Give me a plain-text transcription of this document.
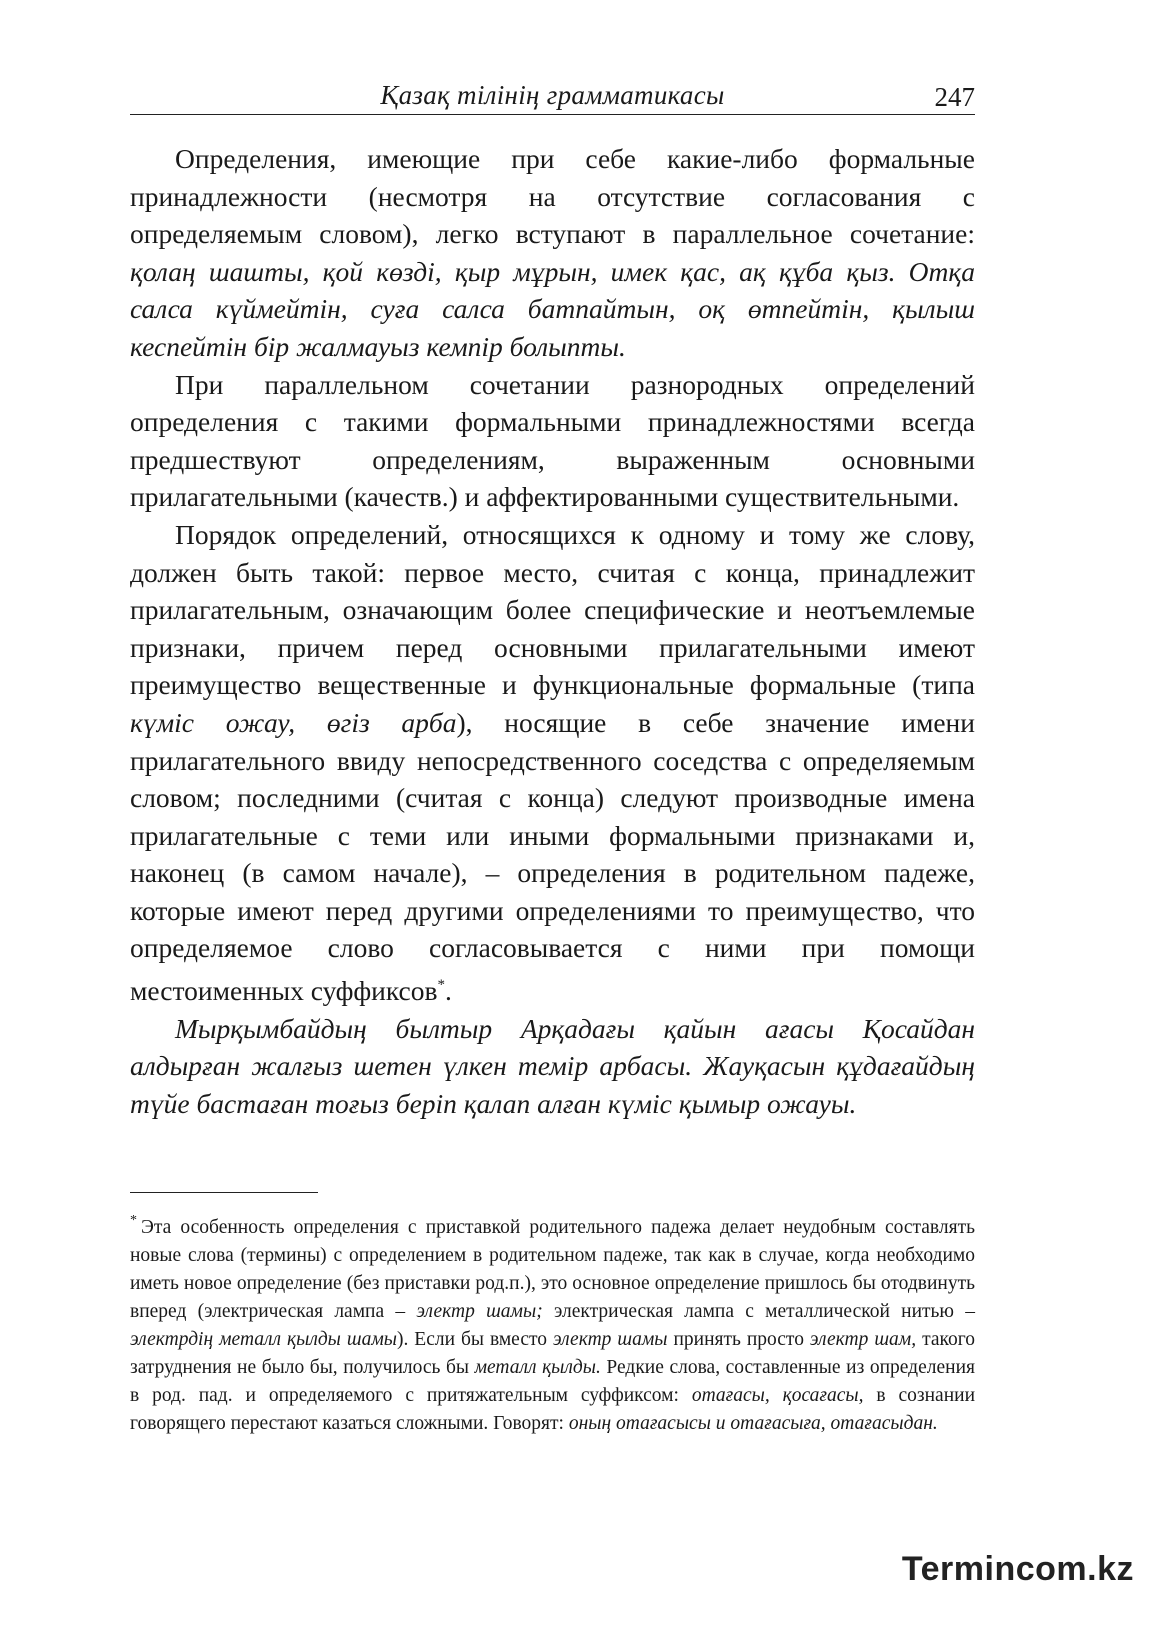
Қазақ тілінің грамматикасы	247

Определения, имеющие при себе какие-либо формальные принадлежности (несмотря на отсутствие согласования с определяемым словом), легко вступают в параллельное сочетание: қолаң шашты, қой көзді, қыр мұрын, имек қас, ақ құба қыз. Отқа салса күймейтін, суға салса батпайтын, оқ өтпейтін, қылыш кеспейтін бір жалмауыз кемпір болыпты.

При параллельном сочетании разнородных определений определения с такими формальными принадлежностями всегда предшествуют определениям, выраженным основными прилагательными (качеств.) и аффектированными существительными.

Порядок определений, относящихся к одному и тому же слову, должен быть такой: первое место, считая с конца, принадлежит прилагательным, означающим более специфические и неотъемлемые признаки, причем перед основными прилагательными имеют преимущество вещественные и функциональные формальные (типа күміс ожау, өгіз арба), носящие в себе значение имени прилагательного ввиду непосредственного соседства с определяемым словом; последними (считая с конца) следуют производные имена прилагательные с теми или иными формальными признаками и, наконец (в самом начале), – определения в родительном падеже, которые имеют перед другими определениями то преимущество, что определяемое слово согласовывается с ними при помощи местоименных суффиксов*.

Мырқымбайдың былтыр Арқадағы қайын ағасы Қосайдан алдырған жалғыз шетен үлкен темір арбасы. Жауқасын құдағайдың түйе бастаған тоғыз беріп қалап алған күміс қымыр ожауы.

* Эта особенность определения с приставкой родительного падежа делает неудобным составлять новые слова (термины) с определением в родительном падеже, так как в случае, когда необходимо иметь новое определение (без приставки род.п.), это основное определение пришлось бы отодвинуть вперед (электрическая лампа – электр шамы; электрическая лампа с металлической нитью – электрдің металл қылды шамы). Если бы вместо электр шамы принять просто электр шам, такого затруднения не было бы, получилось бы металл қылды. Редкие слова, составленные из определения в род. пад. и определяемого с притяжательным суффиксом: отағасы, қосағасы, в сознании говорящего перестают казаться сложными. Говорят: оның отағасысы и отағасыға, отағасыдан.

Termincom.kz
